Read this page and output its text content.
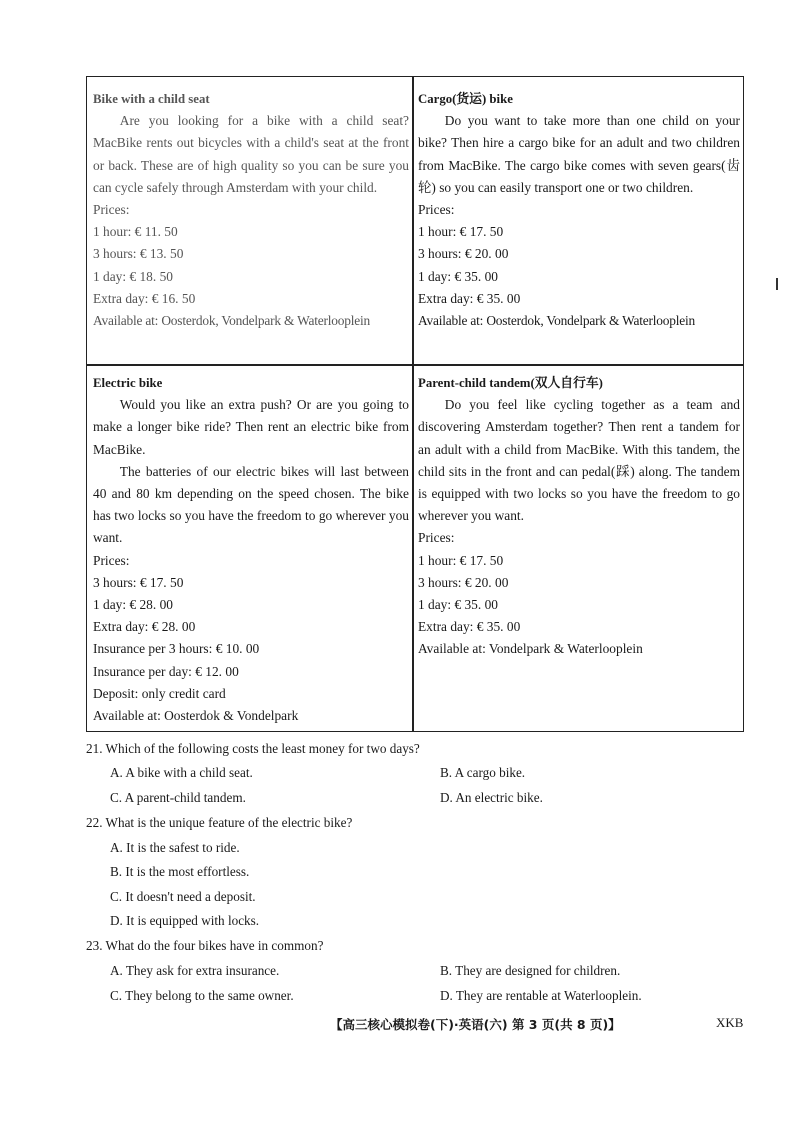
Bike with a child seat

Are you looking for a bike with a child seat? MacBike rents out bicycles with a child's seat at the front or back. These are of high quality so you can be sure you can cycle safely through Amsterdam with your child.

Prices:

1 hour: € 11. 50

3 hours: € 13. 50

1 day: € 18. 50

Extra day: € 16. 50

Available at: Oosterdok, Vondelpark & Waterlooplein

Cargo(货运) bike

Do you want to take more than one child on your bike? Then hire a cargo bike for an adult and two children from MacBike. The cargo bike comes with seven gears(齿轮) so you can easily transport one or two children.

Prices:

1 hour: € 17. 50

3 hours: € 20. 00

1 day: € 35. 00

Extra day: € 35. 00

Available at: Oosterdok, Vondelpark & Waterlooplein

Electric bike

Would you like an extra push? Or are you going to make a longer bike ride? Then rent an electric bike from MacBike.

The batteries of our electric bikes will last between 40 and 80 km depending on the speed chosen. The bike has two locks so you have the freedom to go wherever you want.

Prices:

3 hours: € 17. 50

1 day: € 28. 00

Extra day: € 28. 00

Insurance per 3 hours: € 10. 00

Insurance per day: € 12. 00

Deposit: only credit card

Available at: Oosterdok & Vondelpark

Parent-child tandem(双人自行车)

Do you feel like cycling together as a team and discovering Amsterdam together? Then rent a tandem for an adult with a child from MacBike. With this tandem, the child sits in the front and can pedal(踩) along. The tandem is equipped with two locks so you have the freedom to go wherever you want.

Prices:

1 hour: € 17. 50

3 hours: € 20. 00

1 day: € 35. 00

Extra day: € 35. 00

Available at: Vondelpark & Waterlooplein

21. Which of the following costs the least money for two days?
A. A bike with a child seat.	B. A cargo bike.
C. A parent-child tandem.	D. An electric bike.
22. What is the unique feature of the electric bike?
A. It is the safest to ride.
B. It is the most effortless.
C. It doesn't need a deposit.
D. It is equipped with locks.
23. What do the four bikes have in common?
A. They ask for extra insurance.	B. They are designed for children.
C. They belong to the same owner.	D. They are rentable at Waterlooplein.
【高三核心模拟卷(下)·英语(六) 第 3 页(共 8 页)】	XKB
